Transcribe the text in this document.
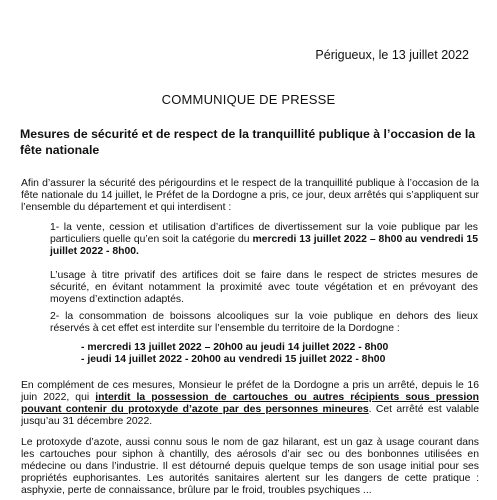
Périgueux, le 13 juillet 2022
COMMUNIQUE DE PRESSE
Mesures de sécurité et de respect de la tranquillité publique à l’occasion de la fête nationale

Afin d’assurer la sécurité des périgourdins et le respect de la tranquillité publique à l’occasion de la fête nationale du 14 juillet, le Préfet de la Dordogne a pris, ce jour, deux arrêtés qui s’appliquent sur l’ensemble du département et qui interdisent :

1- la vente, cession et utilisation d’artifices de divertissement sur la voie publique par les particuliers quelle qu’en soit la catégorie du mercredi 13 juillet 2022 – 8h00 au vendredi 15 juillet 2022 - 8h00.

L’usage à titre privatif des artifices doit se faire dans le respect de strictes mesures de sécurité, en évitant notamment la proximité avec toute végétation et en prévoyant des moyens d’extinction adaptés.

2- la consommation de boissons alcooliques sur la voie publique en dehors des lieux réservés à cet effet est interdite sur l’ensemble du territoire de la Dordogne :

- mercredi 13 juillet 2022 – 20h00 au jeudi 14 juillet 2022 - 8h00
- jeudi 14 juillet 2022 - 20h00 au vendredi 15 juillet 2022 - 8h00

En complément de ces mesures, Monsieur le préfet de la Dordogne a pris un arrêté, depuis le 16 juin 2022, qui interdit la possession de cartouches ou autres récipients sous pression pouvant contenir du protoxyde d’azote par des personnes mineures. Cet arrêté est valable jusqu’au 31 décembre 2022.

Le protoxyde d’azote, aussi connu sous le nom de gaz hilarant, est un gaz à usage courant dans les cartouches pour siphon à chantilly, des aérosols d’air sec ou des bonbonnes utilisées en médecine ou dans l’industrie. Il est détourné depuis quelque temps de son usage initial pour ses propriétés euphorisantes. Les autorités sanitaires alertent sur les dangers de cette pratique : asphyxie, perte de connaissance, brûlure par le froid, troubles psychiques ...
